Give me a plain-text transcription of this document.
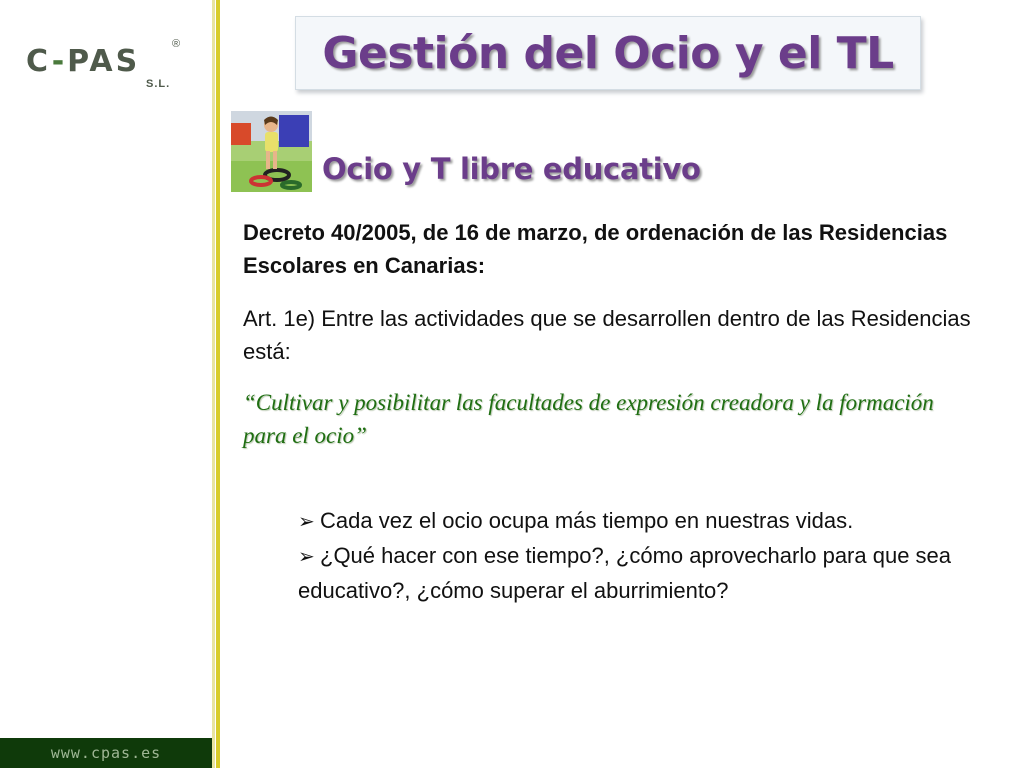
C-PAS	®
S.L.
www.cpas.es
Gestión del Ocio y el TL
Ocio y T libre educativo
Decreto 40/2005, de 16 de marzo, de ordenación de las Residencias Escolares en Canarias:
Art. 1e) Entre las actividades que se desarrollen dentro de las Residencias está:
“Cultivar y posibilitar las facultades de expresión creadora y la formación para el ocio”
➢ Cada vez el ocio ocupa más tiempo en nuestras vidas.
➢ ¿Qué hacer con ese tiempo?, ¿cómo aprovecharlo para que sea educativo?, ¿cómo superar el aburrimiento?
